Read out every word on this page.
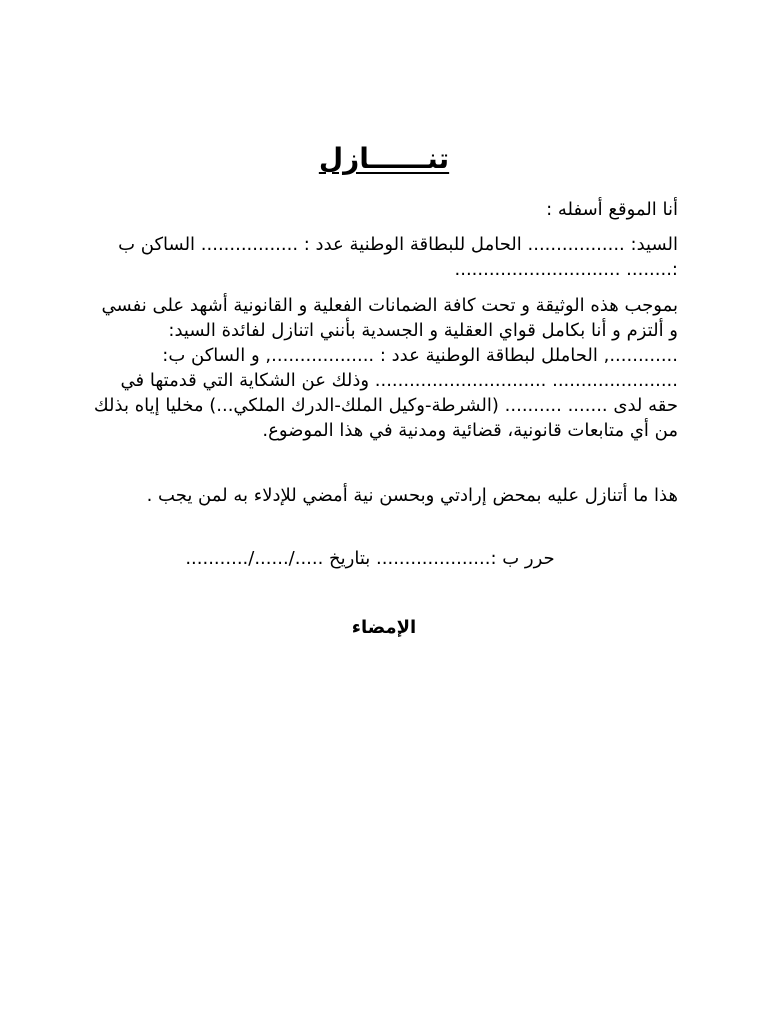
تنــــــازل

أنا الموقع أسفله :

السيد: ................. الحامل للبطاقة الوطنية عدد : ................. الساكن ب :........ .............................

بموجب هذه الوثيقة و تحت كافة الضمانات الفعلية و القانونية أشهد على نفسي و ألتزم و أنا بكامل قواي العقلية و الجسدية بأنني اتنازل لفائدة السيد: ............, الحاملل لبطاقة الوطنية عدد : .................., و الساكن ب: ...................... .............................. وذلك عن الشكاية التي قدمتها في حقه لدى ....... .......... (الشرطة-وكيل الملك-الدرك الملكي...) مخليا إياه بذلك من أي متابعات قانونية، قضائية ومدنية في هذا الموضوع.

هذا ما أتنازل عليه بمحض إرادتي وبحسن نية أمضي للإدلاء به لمن يجب .

حرر ب :.................... بتاريخ ...../....../...........

الإمضاء
